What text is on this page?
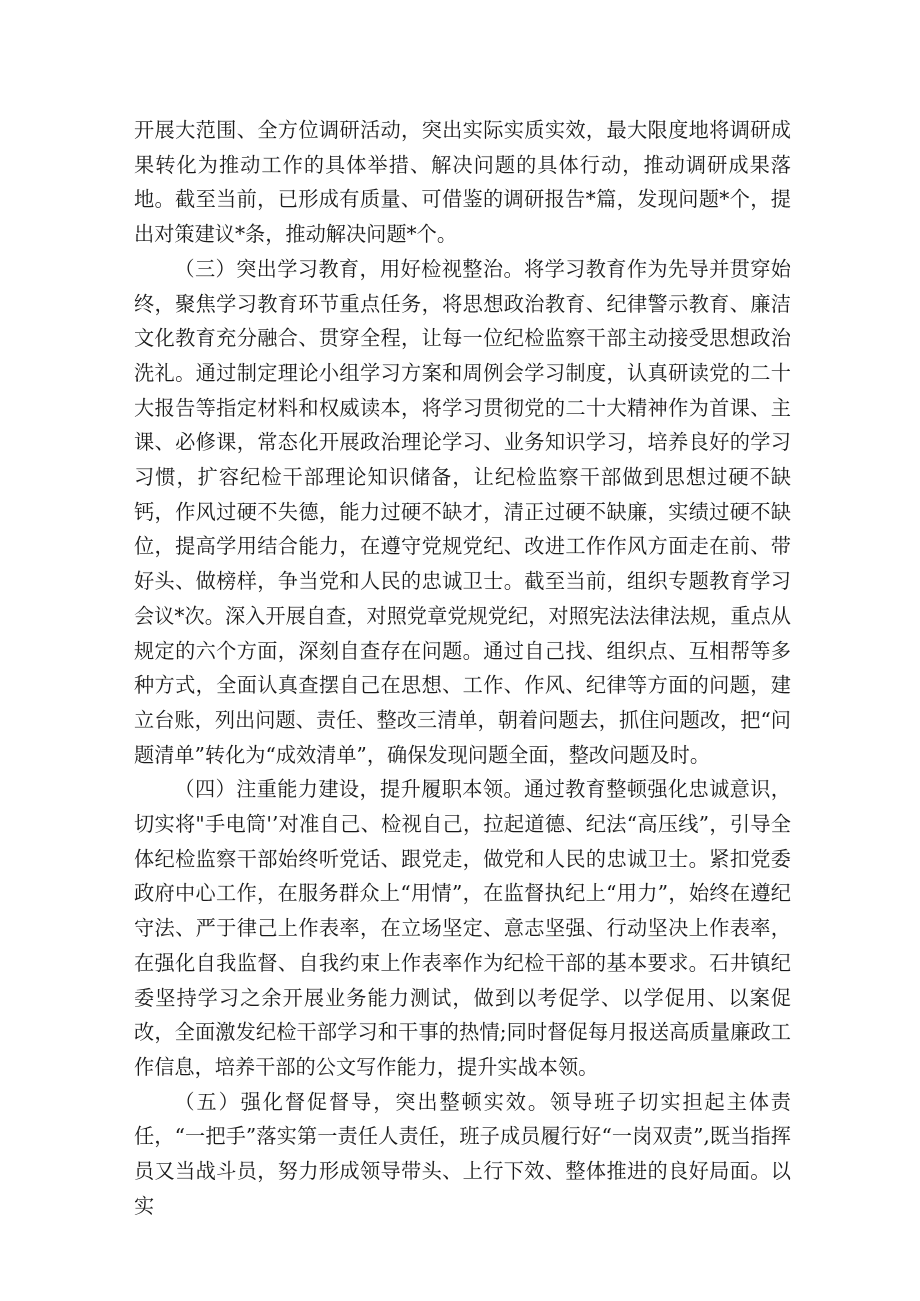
开展大范围、全方位调研活动，突出实际实质实效，最大限度地将调研成果转化为推动工作的具体举措、解决问题的具体行动，推动调研成果落地。截至当前，已形成有质量、可借鉴的调研报告*篇，发现问题*个，提出对策建议*条，推动解决问题*个。

（三）突出学习教育，用好检视整治。将学习教育作为先导并贯穿始终，聚焦学习教育环节重点任务，将思想政治教育、纪律警示教育、廉洁文化教育充分融合、贯穿全程，让每一位纪检监察干部主动接受思想政治洗礼。通过制定理论小组学习方案和周例会学习制度，认真研读党的二十大报告等指定材料和权威读本，将学习贯彻党的二十大精神作为首课、主课、必修课，常态化开展政治理论学习、业务知识学习，培养良好的学习习惯，扩容纪检干部理论知识储备，让纪检监察干部做到思想过硬不缺钙，作风过硬不失德，能力过硬不缺才，清正过硬不缺廉，实绩过硬不缺位，提高学用结合能力，在遵守党规党纪、改进工作作风方面走在前、带好头、做榜样，争当党和人民的忠诚卫士。截至当前，组织专题教育学习会议*次。深入开展自查，对照党章党规党纪，对照宪法法律法规，重点从规定的六个方面，深刻自查存在问题。通过自己找、组织点、互相帮等多种方式，全面认真查摆自己在思想、工作、作风、纪律等方面的问题，建立台账，列出问题、责任、整改三清单，朝着问题去，抓住问题改，把“问题清单”转化为“成效清单”，确保发现问题全面，整改问题及时。

（四）注重能力建设，提升履职本领。通过教育整顿强化忠诚意识，切实将"手电筒'’对准自己、检视自己，拉起道德、纪法“高压线”，引导全体纪检监察干部始终听党话、跟党走，做党和人民的忠诚卫士。紧扣党委政府中心工作，在服务群众上“用情”，在监督执纪上“用力”，始终在遵纪守法、严于律己上作表率，在立场坚定、意志坚强、行动坚决上作表率，在强化自我监督、自我约束上作表率作为纪检干部的基本要求。石井镇纪委坚持学习之余开展业务能力测试，做到以考促学、以学促用、以案促改，全面激发纪检干部学习和干事的热情;同时督促每月报送高质量廉政工作信息，培养干部的公文写作能力，提升实战本领。

（五）强化督促督导，突出整顿实效。领导班子切实担起主体责任，“一把手”落实第一责任人责任，班子成员履行好“一岗双责”,既当指挥员又当战斗员，努力形成领导带头、上行下效、整体推进的良好局面。以实
